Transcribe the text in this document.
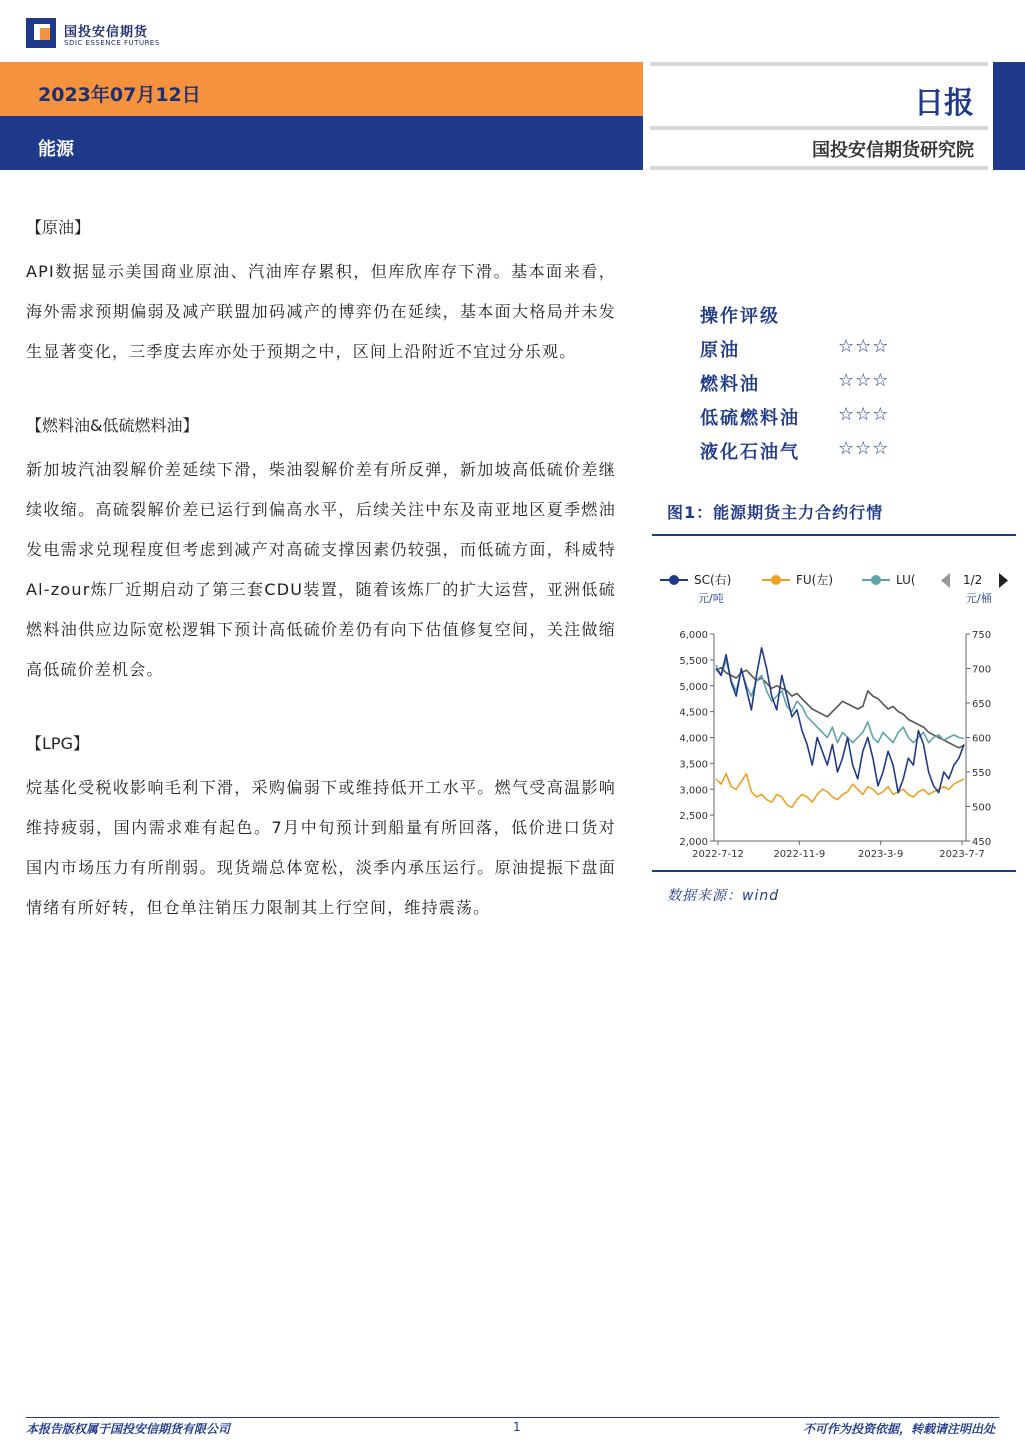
国投安信期货
SDIC ESSENCE FUTURES
2023年07月12日
能源
日报
国投安信期货研究院
【原油】
API数据显示美国商业原油、汽油库存累积，但库欣库存下滑。基本面来看，海外需求预期偏弱及减产联盟加码减产的博弈仍在延续，基本面大格局并未发生显著变化，三季度去库亦处于预期之中，区间上沿附近不宜过分乐观。
【燃料油&低硫燃料油】
新加坡汽油裂解价差延续下滑，柴油裂解价差有所反弹，新加坡高低硫价差继续收缩。高硫裂解价差已运行到偏高水平，后续关注中东及南亚地区夏季燃油发电需求兑现程度但考虑到减产对高硫支撑因素仍较强，而低硫方面，科威特Al-zour炼厂近期启动了第三套CDU装置，随着该炼厂的扩大运营，亚洲低硫燃料油供应边际宽松逻辑下预计高低硫价差仍有向下估值修复空间，关注做缩高低硫价差机会。
【LPG】
烷基化受税收影响毛利下滑，采购偏弱下或维持低开工水平。燃气受高温影响维持疲弱，国内需求难有起色。7月中旬预计到船量有所回落，低价进口货对国内市场压力有所削弱。现货端总体宽松，淡季内承压运行。原油提振下盘面情绪有所好转，但仓单注销压力限制其上行空间，维持震荡。
操作评级
原油	☆☆☆
燃料油	☆☆☆
低硫燃料油 ☆☆☆
液化石油气 ☆☆☆
图1：能源期货主力合约行情
SC(右)	FU(左)	LU(	1/2
元/吨	元/桶
2,000
2,500
3,000
3,500
4,000
4,500
5,000
5,500
6,000
450
500
550
600
650
700
750
2022-7-12	2022-11-9	2023-3-9	2023-7-7
数据来源：wind
本报告版权属于国投安信期货有限公司	1	不可作为投资依据，转载请注明出处
